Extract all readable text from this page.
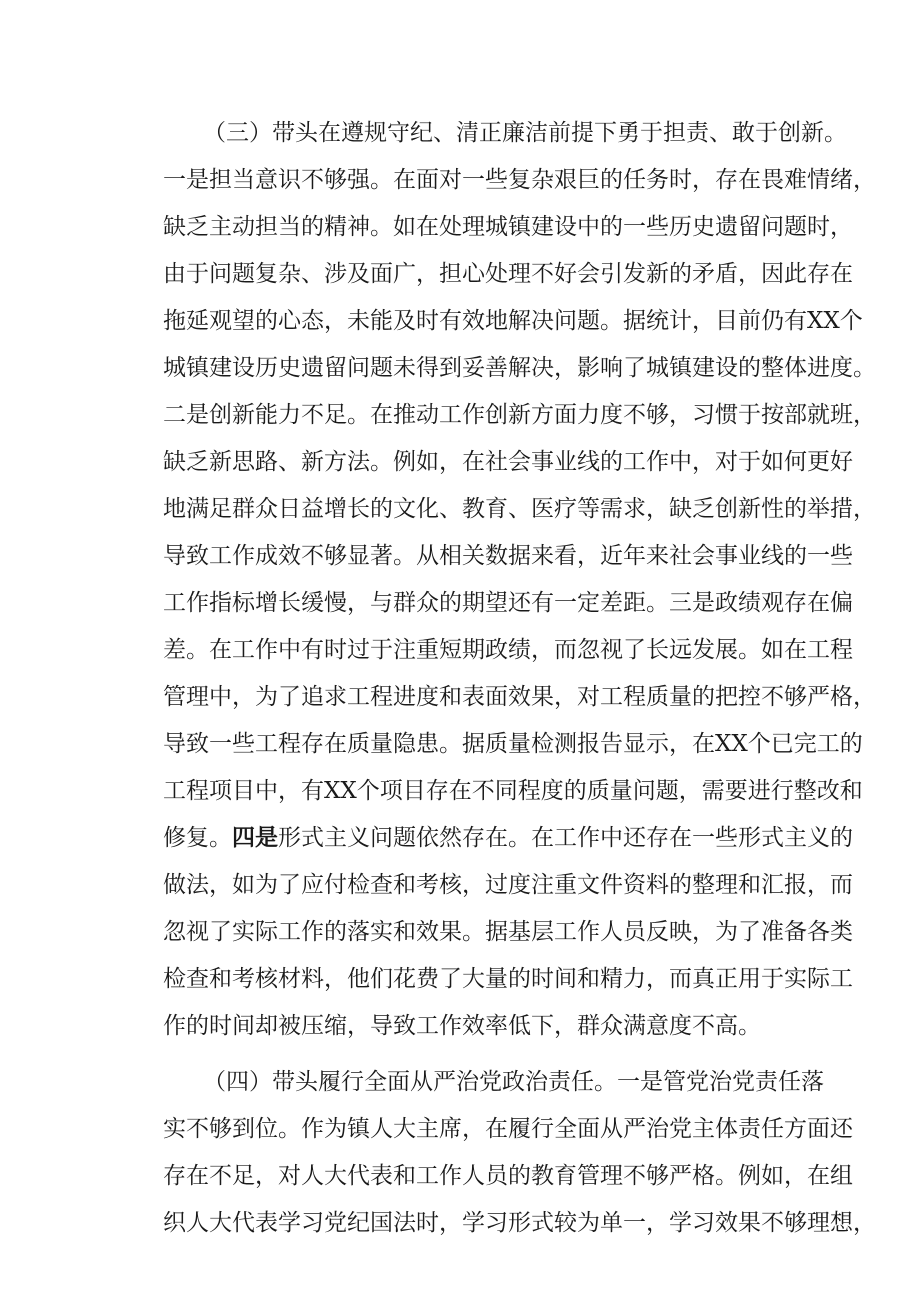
（三）带头在遵规守纪、清正廉洁前提下勇于担责、敢于创新。
一是担当意识不够强。在面对一些复杂艰巨的任务时，存在畏难情绪，
缺乏主动担当的精神。如在处理城镇建设中的一些历史遗留问题时，
由于问题复杂、涉及面广，担心处理不好会引发新的矛盾，因此存在
拖延观望的心态，未能及时有效地解决问题。据统计，目前仍有XX个
城镇建设历史遗留问题未得到妥善解决，影响了城镇建设的整体进度。
二是创新能力不足。在推动工作创新方面力度不够，习惯于按部就班，
缺乏新思路、新方法。例如，在社会事业线的工作中，对于如何更好
地满足群众日益增长的文化、教育、医疗等需求，缺乏创新性的举措，
导致工作成效不够显著。从相关数据来看，近年来社会事业线的一些
工作指标增长缓慢，与群众的期望还有一定差距。三是政绩观存在偏
差。在工作中有时过于注重短期政绩，而忽视了长远发展。如在工程
管理中，为了追求工程进度和表面效果，对工程质量的把控不够严格，
导致一些工程存在质量隐患。据质量检测报告显示，在XX个已完工的
工程项目中，有XX个项目存在不同程度的质量问题，需要进行整改和
修复。四是形式主义问题依然存在。在工作中还存在一些形式主义的
做法，如为了应付检查和考核，过度注重文件资料的整理和汇报，而
忽视了实际工作的落实和效果。据基层工作人员反映，为了准备各类
检查和考核材料，他们花费了大量的时间和精力，而真正用于实际工
作的时间却被压缩，导致工作效率低下，群众满意度不高。
（四）带头履行全面从严治党政治责任。一是管党治党责任落
实不够到位。作为镇人大主席，在履行全面从严治党主体责任方面还
存在不足，对人大代表和工作人员的教育管理不够严格。例如，在组
织人大代表学习党纪国法时，学习形式较为单一，学习效果不够理想，
